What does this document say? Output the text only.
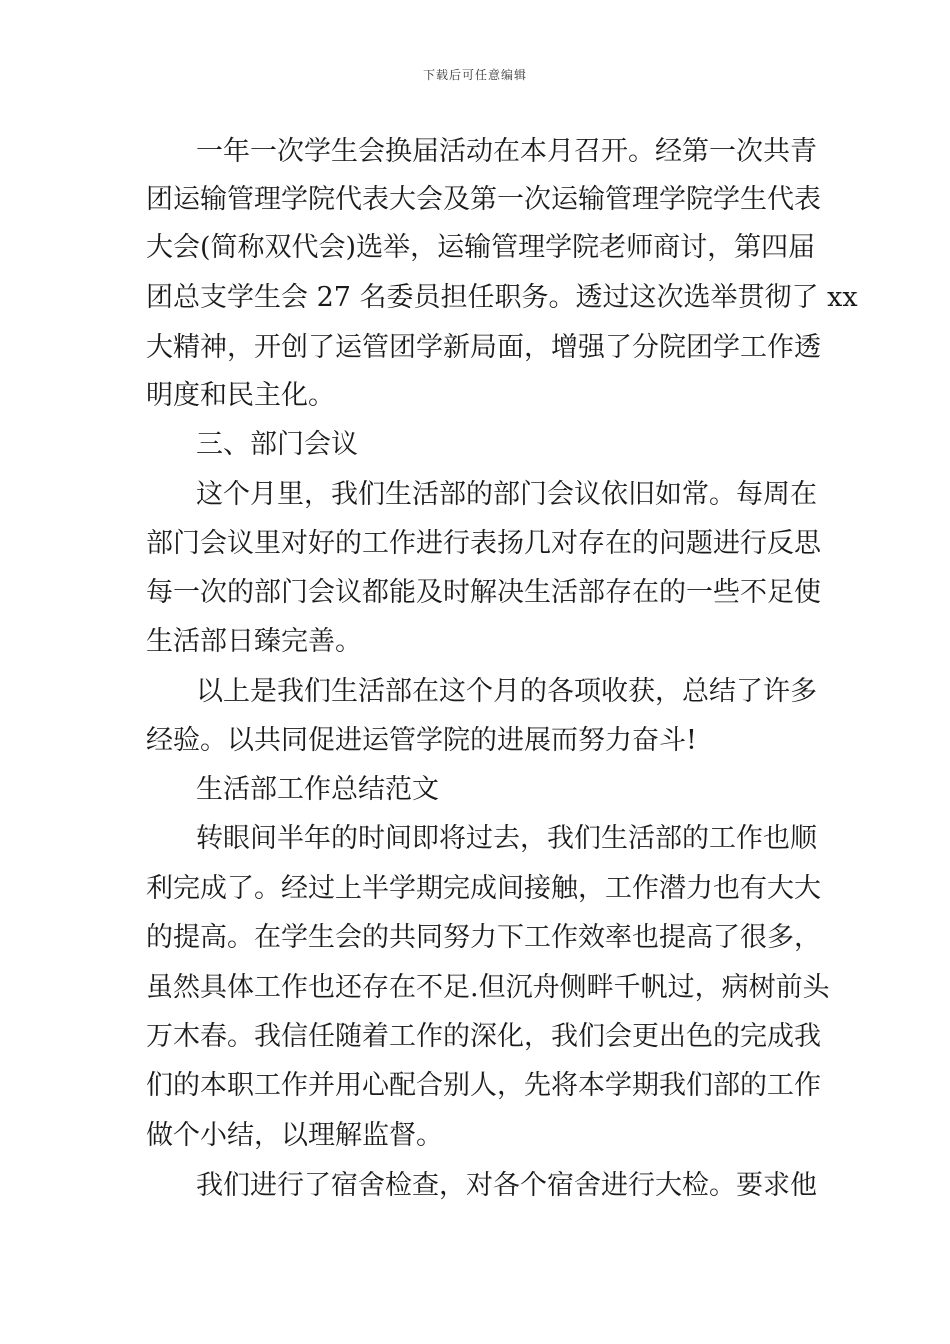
下载后可任意编辑
一年一次学生会换届活动在本月召开。经第一次共青
团运输管理学院代表大会及第一次运输管理学院学生代表
大会(简称双代会)选举，运输管理学院老师商讨，第四届
团总支学生会 27 名委员担任职务。透过这次选举贯彻了 xx
大精神，开创了运管团学新局面，增强了分院团学工作透
明度和民主化。
三、部门会议
这个月里，我们生活部的部门会议依旧如常。每周在
部门会议里对好的工作进行表扬几对存在的问题进行反思
每一次的部门会议都能及时解决生活部存在的一些不足使
生活部日臻完善。
以上是我们生活部在这个月的各项收获，总结了许多
经验。以共同促进运管学院的进展而努力奋斗!
生活部工作总结范文
转眼间半年的时间即将过去，我们生活部的工作也顺
利完成了。经过上半学期完成间接触，工作潜力也有大大
的提高。在学生会的共同努力下工作效率也提高了很多，
虽然具体工作也还存在不足.但沉舟侧畔千帆过，病树前头
万木春。我信任随着工作的深化，我们会更出色的完成我
们的本职工作并用心配合别人，先将本学期我们部的工作
做个小结，以理解监督。
我们进行了宿舍检查，对各个宿舍进行大检。要求他
